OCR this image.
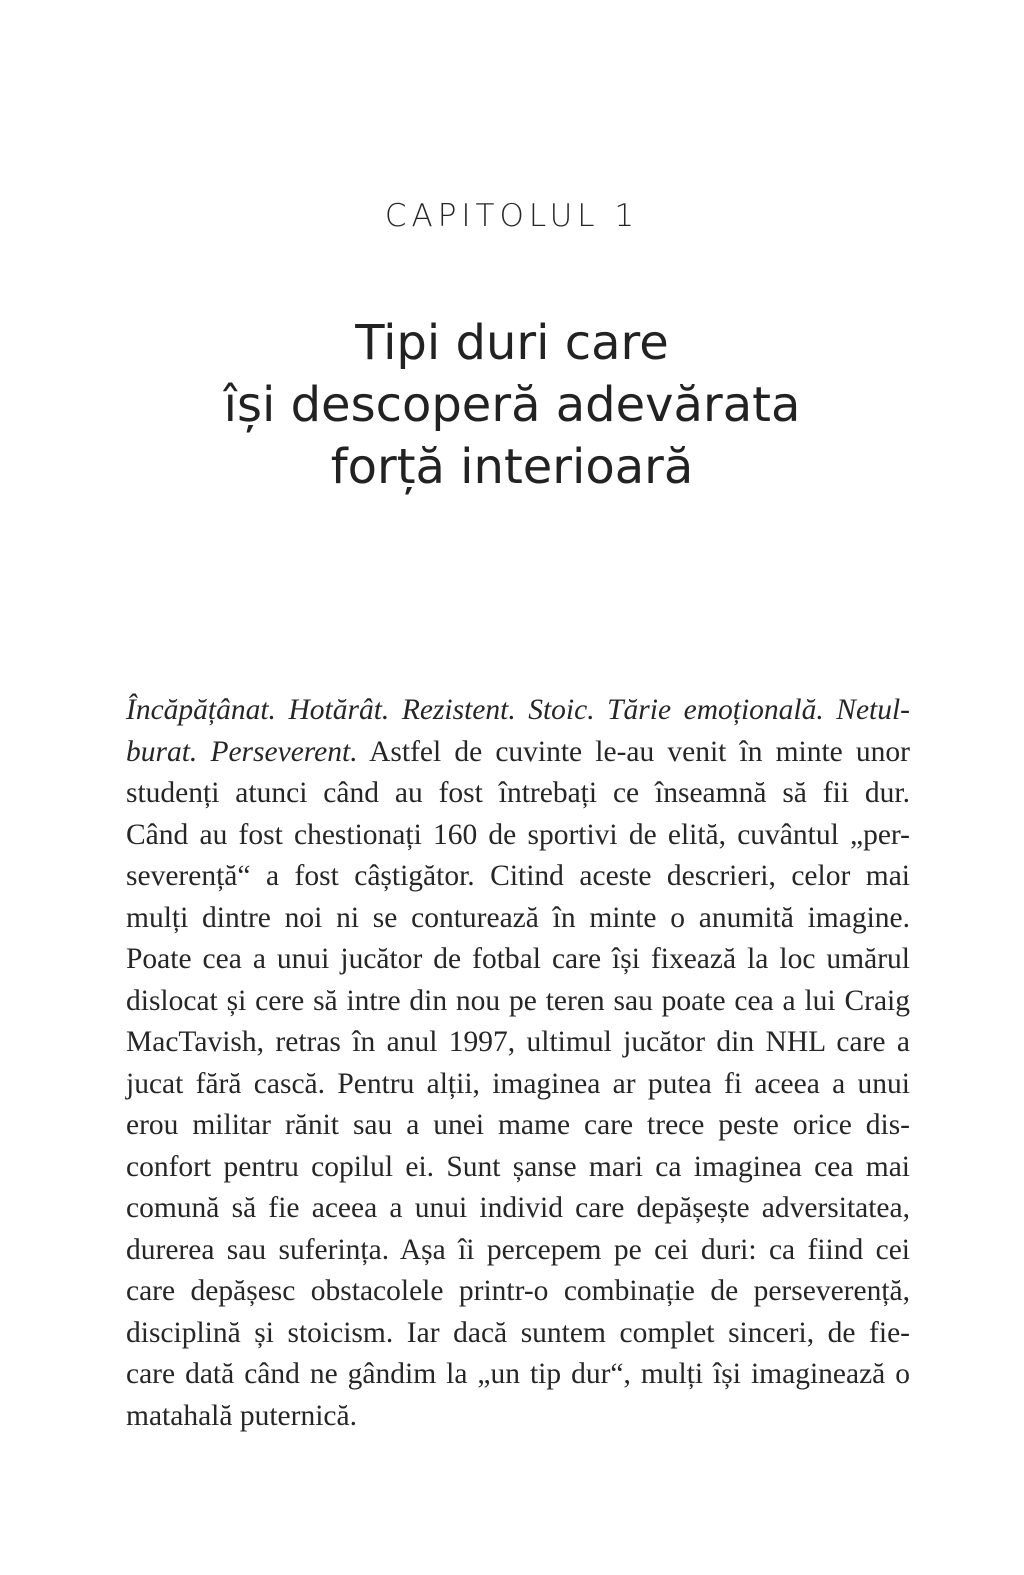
CAPITOLUL 1
Tipi duri care
își descoperă adevărata
forță interioară
Încăpățânat. Hotărât. Rezistent. Stoic. Tărie emoțională. Netul-
burat. Perseverent. Astfel de cuvinte le-au venit în minte unor
studenți atunci când au fost întrebați ce înseamnă să fii dur.
Când au fost chestionați 160 de sportivi de elită, cuvântul „per-
severență“ a fost câștigător. Citind aceste descrieri, celor mai
mulți dintre noi ni se conturează în minte o anumită imagine.
Poate cea a unui jucător de fotbal care își fixează la loc umărul
dislocat și cere să intre din nou pe teren sau poate cea a lui Craig
MacTavish, retras în anul 1997, ultimul jucător din NHL care a
jucat fără cască. Pentru alții, imaginea ar putea fi aceea a unui
erou militar rănit sau a unei mame care trece peste orice dis-
confort pentru copilul ei. Sunt șanse mari ca imaginea cea mai
comună să fie aceea a unui individ care depășește adversitatea,
durerea sau suferința. Așa îi percepem pe cei duri: ca fiind cei
care depășesc obstacolele printr-o combinație de perseverență,
disciplină și stoicism. Iar dacă suntem complet sinceri, de fie-
care dată când ne gândim la „un tip dur“, mulți își imaginează o
matahală puternică.
